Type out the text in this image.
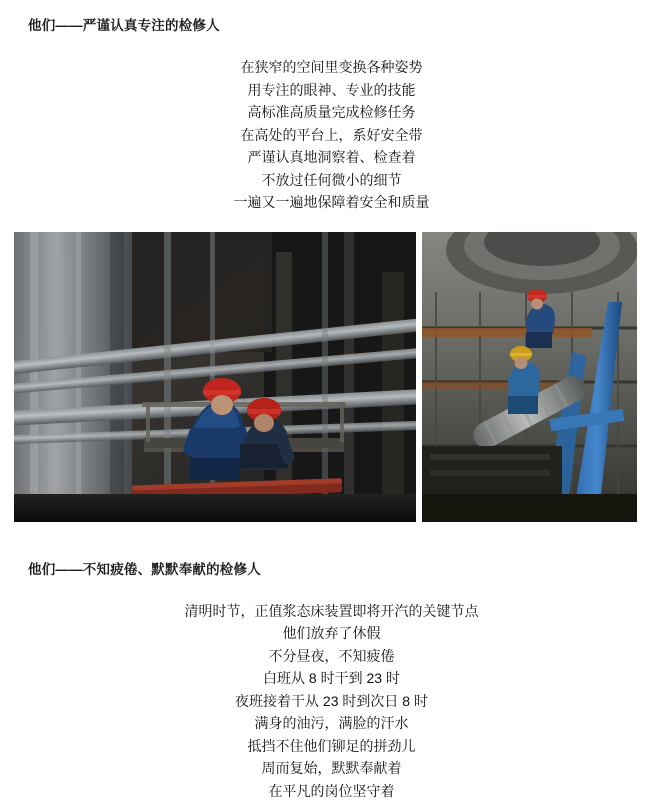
他们——严谨认真专注的检修人
在狭窄的空间里变换各种姿势
用专注的眼神、专业的技能
高标准高质量完成检修任务
在高处的平台上，系好安全带
严谨认真地洞察着、检查着
不放过任何微小的细节
一遍又一遍地保障着安全和质量
他们——不知疲倦、默默奉献的检修人
清明时节，正值浆态床装置即将开汽的关键节点
他们放弃了休假
不分昼夜，不知疲倦
白班从 8 时干到 23 时
夜班接着干从 23 时到次日 8 时
满身的油污，满脸的汗水
抵挡不住他们铆足的拼劲儿
周而复始，默默奉献着
在平凡的岗位坚守着
